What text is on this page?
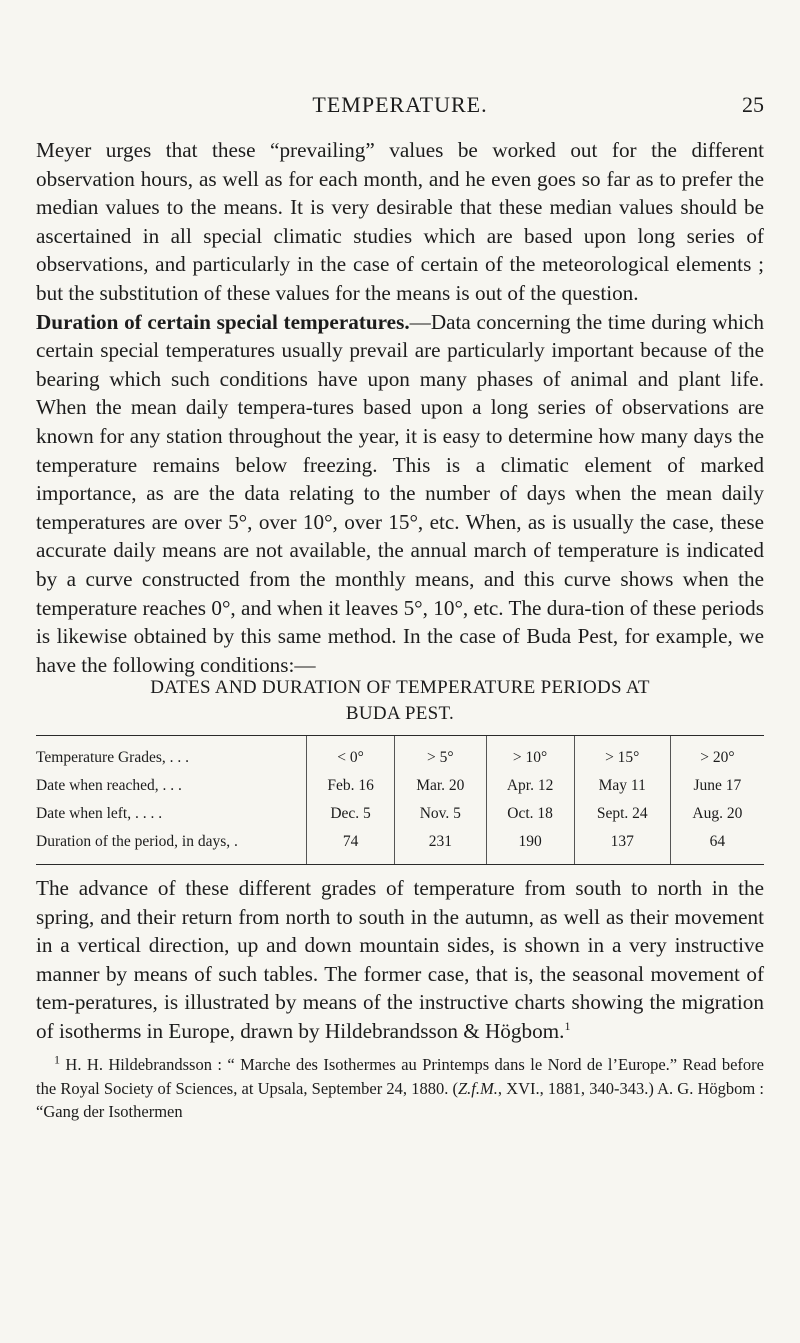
TEMPERATURE.	25

Meyer urges that these “prevailing” values be worked out for the different observation hours, as well as for each month, and he even goes so far as to prefer the median values to the means. It is very desirable that these median values should be ascertained in all special climatic studies which are based upon long series of observations, and particularly in the case of certain of the meteorological elements ; but the substitution of these values for the means is out of the question.

Duration of certain special temperatures.—Data concerning the time during which certain special temperatures usually prevail are particularly important because of the bearing which such conditions have upon many phases of animal and plant life. When the mean daily tempera-tures based upon a long series of observations are known for any station throughout the year, it is easy to determine how many days the temperature remains below freezing. This is a climatic element of marked importance, as are the data relating to the number of days when the mean daily temperatures are over 5°, over 10°, over 15°, etc. When, as is usually the case, these accurate daily means are not available, the annual march of temperature is indicated by a curve constructed from the monthly means, and this curve shows when the temperature reaches 0°, and when it leaves 5°, 10°, etc. The dura-tion of these periods is likewise obtained by this same method. In the case of Buda Pest, for example, we have the following conditions:—

DATES AND DURATION OF TEMPERATURE PERIODS AT
BUDA PEST.
Temperature Grades, . . .	< 0°	> 5°	> 10°	> 15°	> 20°
Date when reached, . . .	Feb. 16	Mar. 20	Apr. 12	May 11	June 17
Date when left, . . . .	Dec. 5	Nov. 5	Oct. 18	Sept. 24	Aug. 20
Duration of the period, in days, .	74	231	190	137	64

The advance of these different grades of temperature from south to north in the spring, and their return from north to south in the autumn, as well as their movement in a vertical direction, up and down mountain sides, is shown in a very instructive manner by means of such tables. The former case, that is, the seasonal movement of tem-peratures, is illustrated by means of the instructive charts showing the migration of isotherms in Europe, drawn by Hildebrandsson & Högbom.$^1$

$^1$ H. H. Hildebrandsson : “ Marche des Isothermes au Printemps dans le Nord de l’Europe.” Read before the Royal Society of Sciences, at Upsala, September 24, 1880. (Z.f.M., XVI., 1881, 340-343.) A. G. Högbom : “Gang der Isothermen
